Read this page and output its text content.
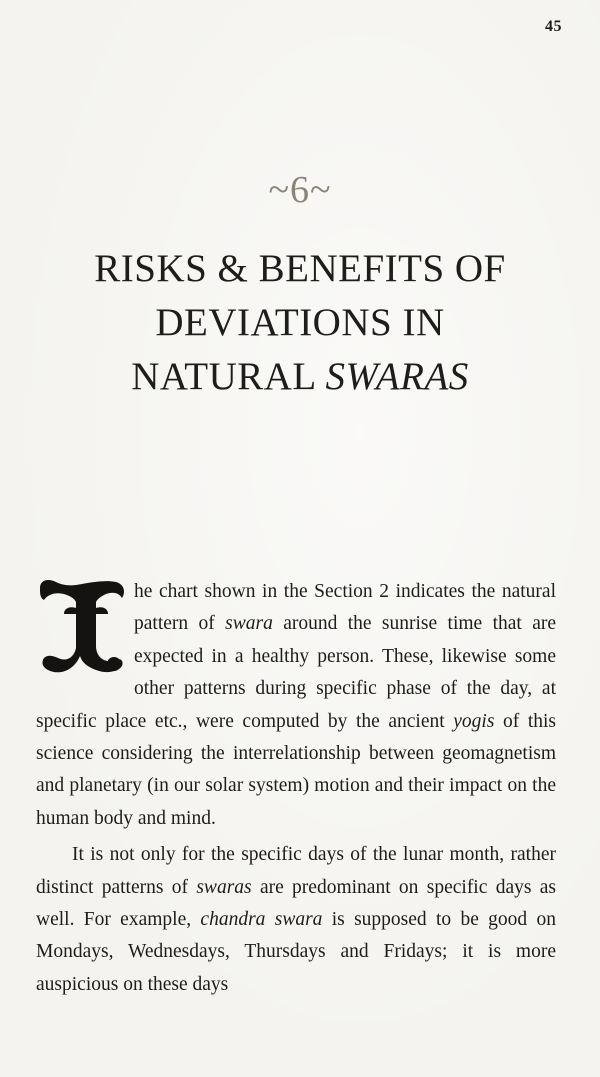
45
~6~
RISKS & BENEFITS OF
DEVIATIONS IN
NATURAL SWARAS

he chart shown in the Section 2 indicates the natural pattern of swara around the sunrise time that are expected in a healthy person. These, likewise some other patterns during specific phase of the day, at specific place etc., were computed by the ancient yogis of this science considering the interrelationship between geomagnetism and planetary (in our solar system) motion and their impact on the human body and mind.

It is not only for the specific days of the lunar month, rather distinct patterns of swaras are predominant on specific days as well. For example, chandra swara is supposed to be good on Mondays, Wednesdays, Thursdays and Fridays; it is more auspicious on these days
